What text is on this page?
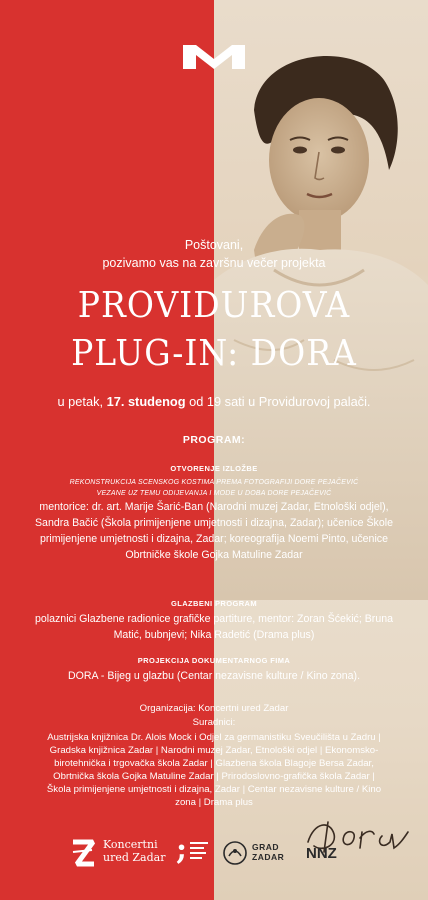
Poštovani,
pozivamo vas na završnu večer projekta
PROVIDUROVA
PLUG-IN: DORA
u petak, 17. studenog od 19 sati u Providurovoj palači.
PROGRAM:
OTVORENJE IZLOŽBE
REKONSTRUKCIJA SCENSKOG KOSTIMA PREMA FOTOGRAFIJI DORE PEJAČEVIĆ
VEZANE UZ TEMU ODIJEVANJA I MODE U DOBA DORE PEJAČEVIĆ
mentorice: dr. art. Marije Šarić-Ban (Narodni muzej Zadar, Etnološki odjel), Sandra Bačić (Škola primijenjene umjetnosti i dizajna, Zadar); učenice Škole primijenjene umjetnosti i dizajna, Zadar; koreografija Noemi Pinto, učenice Obrtničke škole Gojka Matuline Zadar
GLAZBENI PROGRAM
polaznici Glazbene radionice grafičke partiture, mentor: Zoran Šćekić; Bruna Matić, bubnjevi; Nika Radetić (Drama plus)
PROJEKCIJA DOKUMENTARNOG FIMA
DORA - Bijeg u glazbu (Centar nezavisne kulture / Kino zona).
Organizacija: Koncertni ured Zadar
Suradnici:
Austrijska knjižnica Dr. Alois Mock i Odjel za germanistiku Sveučilišta u Zadru | Gradska knjižnica Zadar | Narodni muzej Zadar, Etnološki odjel | Ekonomsko-birotehnička i trgovačka škola Zadar | Glazbena škola Blagoje Bersa Zadar, Obrtnička škola Gojka Matuline Zadar | Prirodoslovno-grafička škola Zadar | Škola primijenjene umjetnosti i dizajna, Zadar | Centar nezavisne kulture / Kino zona | Drama plus
Koncertni
ured Zadar ;	GRAD
ZADAR NNZ
